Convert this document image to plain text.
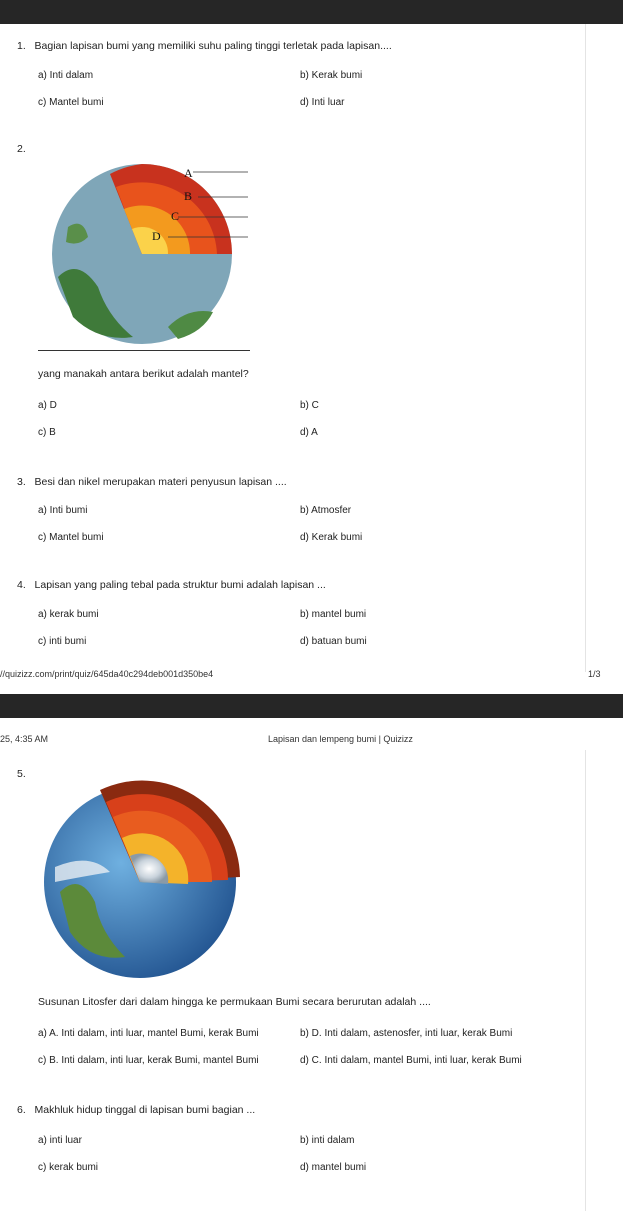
1. Bagian lapisan bumi yang memiliki suhu paling tinggi terletak pada lapisan....
a) Inti dalam	b) Kerak bumi
c) Mantel bumi	d) Inti luar
2.
A
B
C
D
yang manakah antara berikut adalah mantel?
a) D	b) C
c) B	d) A
3. Besi dan nikel merupakan materi penyusun lapisan ....
a) Inti bumi	b) Atmosfer
c) Mantel bumi	d) Kerak bumi
4. Lapisan yang paling tebal pada struktur bumi adalah lapisan ...
a) kerak bumi	b) mantel bumi
c) inti bumi	d) batuan bumi
//quizizz.com/print/quiz/645da40c294deb001d350be4	1/3
25, 4:35 AM	Lapisan dan lempeng bumi | Quizizz
5.
Susunan Litosfer dari dalam hingga ke permukaan Bumi secara berurutan adalah ....
a) A. Inti dalam, inti luar, mantel Bumi, kerak Bumi	b) D. Inti dalam, astenosfer, inti luar, kerak Bumi
c) B. Inti dalam, inti luar, kerak Bumi, mantel Bumi	d) C. Inti dalam, mantel Bumi, inti luar, kerak Bumi
6. Makhluk hidup tinggal di lapisan bumi bagian ...
a) inti luar	b) inti dalam
c) kerak bumi	d) mantel bumi
